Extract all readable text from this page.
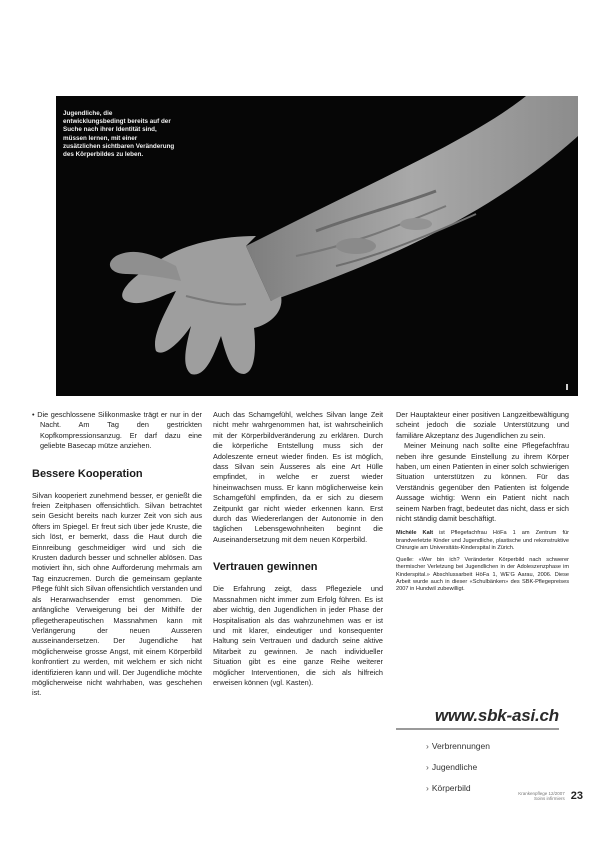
Jugendliche, die entwicklungsbedingt bereits auf der Suche nach ihrer Identität sind, müssen lernen, mit einer zusätzlichen sichtbaren Veränderung des Körperbildes zu leben.

• Die geschlossene Silikonmaske trägt er nur in der Nacht. Am Tag den gestrickten Kopfkompressionsanzug. Er darf dazu eine geliebte Basecap mütze anziehen.

Bessere Kooperation

Silvan kooperiert zunehmend besser, er genießt die freien Zeitphasen offensichtlich. Silvan betrachtet sein Gesicht bereits nach kurzer Zeit von sich aus öfters im Spiegel. Er freut sich über jede Kruste, die sich löst, er bemerkt, dass die Haut durch die Einnreibung geschmeidiger wird und sich die Krusten dadurch besser und schneller ablösen. Das motiviert ihn, sich ohne Aufforderung mehrmals am Tag einzucremen. Durch die gemeinsam geplante Pflege fühlt sich Silvan offensichtlich verstanden und als Heranwachsender ernst genommen. Die anfängliche Verweigerung bei der Mithilfe der pflegetherapeutischen Massnahmen kann mit Verlängerung der neuen Ausseren ausseinandersetzen. Der Jugendliche hat möglicherweise grosse Angst, mit einem Körperbild konfrontiert zu werden, mit welchem er sich nicht identifizieren kann und will. Der Jugendliche möchte möglicherweise nicht wahrhaben, was geschehen ist.

Auch das Schamgefühl, welches Silvan lange Zeit nicht mehr wahrgenommen hat, ist wahrscheinlich mit der Körperbildveränderung zu erklären. Durch die körperliche Entstellung muss sich der Adoleszente erneut wieder finden. Es ist möglich, dass Silvan sein Äusseres als eine Art Hülle empfindet, in welche er zuerst wieder hineinwachsen muss. Er kann möglicherweise kein Schamgefühl empfinden, da er sich zu diesem Zeitpunkt gar nicht wieder erkennen kann. Erst durch das Wiedererlangen der Autonomie in den täglichen Lebensgewohnheiten beginnt die Auseinandersetzung mit dem neuen Körperbild.

Vertrauen gewinnen

Die Erfahrung zeigt, dass Pflegeziele und Massnahmen nicht immer zum Erfolg führen. Es ist aber wichtig, den Jugendlichen in jeder Phase der Hospitalisation als das wahrzunehmen was er ist und mit klarer, eindeutiger und konsequenter Haltung sein Vertrauen und dadurch seine aktive Mitarbeit zu gewinnen. Je nach individueller Situation gibt es eine ganze Reihe weiterer möglicher Interventionen, die sich als hilfreich erweisen können (vgl. Kasten).

Der Hauptakteur einer positiven Langzeitbewältigung scheint jedoch die soziale Unterstützung und familiäre Akzeptanz des Jugendlichen zu sein.

Meiner Meinung nach sollte eine Pflegefachfrau neben ihre gesunde Einstellung zu ihrem Körper haben, um einen Patienten in einer solch schwierigen Situation unterstützen zu können. Für das Verständnis gegenüber den Patienten ist folgende Aussage wichtig: Wenn ein Patient nicht nach seinem Narben fragt, bedeutet das nicht, dass er sich nicht ständig damit beschäftigt.

Michèle Kalt ist Pflegefachfrau HöFa 1 am Zentrum für brandverletzte Kinder und Jugendliche, plastische und rekonstruktive Chirurgie am Universitäts-Kinderspital in Zürich.

Quelle: «Wer bin ich? Veränderter Körperbild nach schwerer thermischer Verletzung bei Jugendlichen in der Adoleszenzphase im Kinderspital.» Abschlussarbeit HöFa 1, WE'G Aarau, 2006. Diese Arbeit wurde auch in dieser «Schulbänken» des SBK-Pflegepreises 2007 in Hundwil zubewilligt.

www.sbk-asi.ch
› Verbrennungen
› Jugendliche
› Körperbild	Krankenpflege 12/2007
Soins infirmiers 23
